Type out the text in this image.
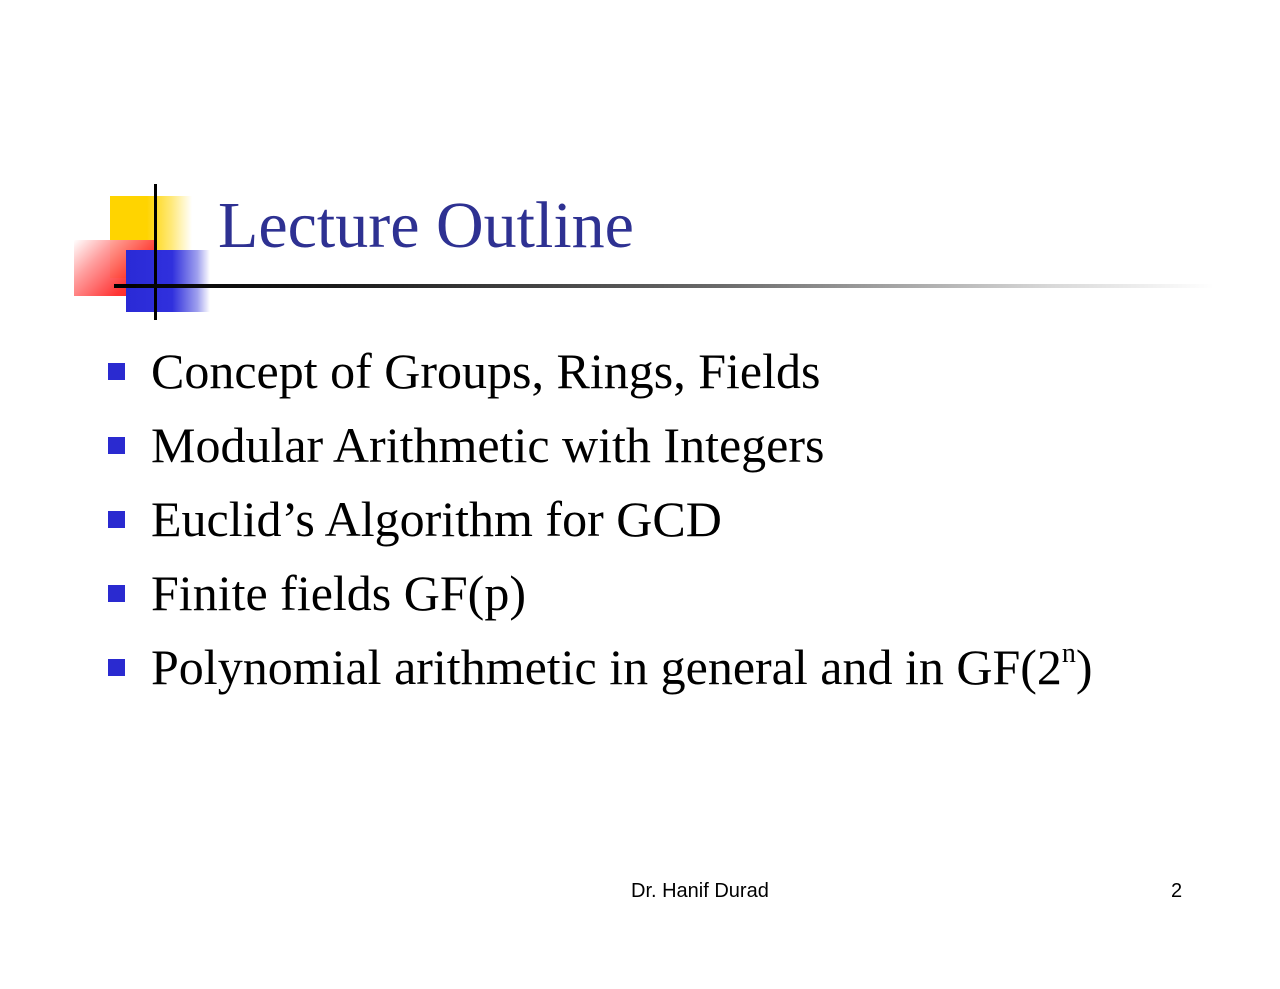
Lecture Outline
Concept of Groups, Rings, Fields
Modular Arithmetic with Integers
Euclid’s Algorithm for GCD
Finite fields GF(p)
Polynomial arithmetic in general and in GF(2$^n$)
Dr. Hanif Durad	2
